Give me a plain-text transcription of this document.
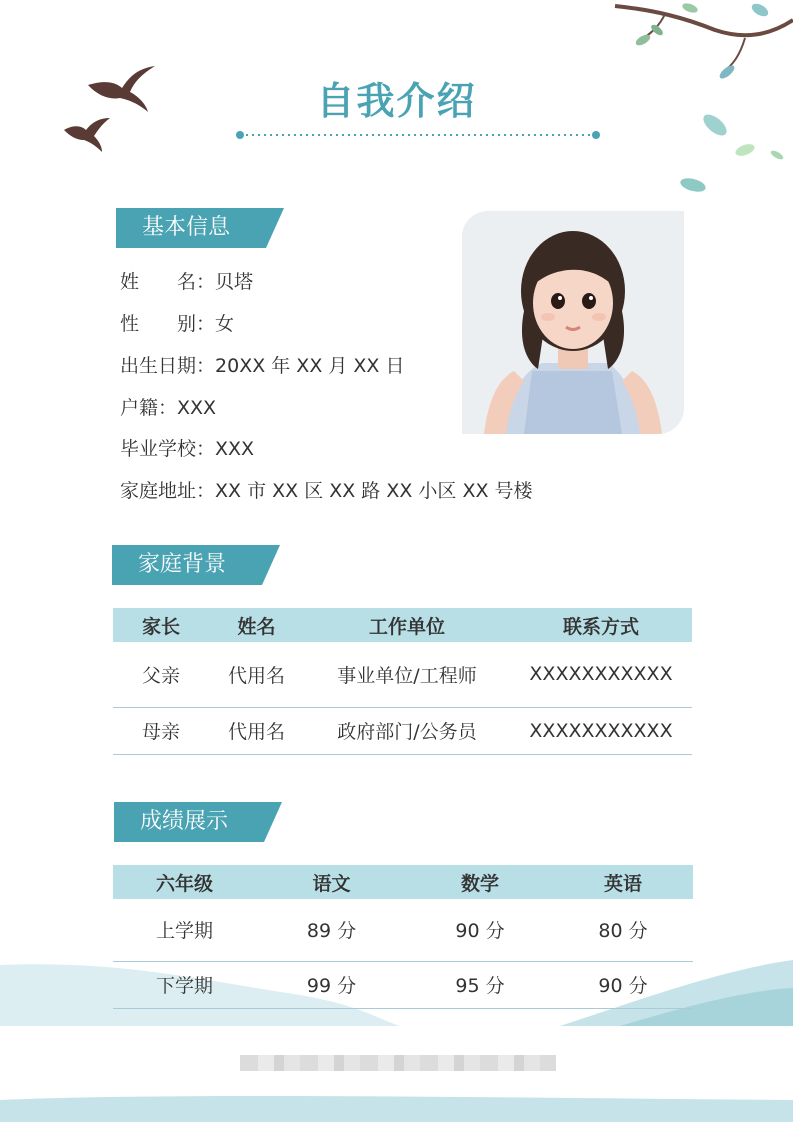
自我介绍
基本信息
姓　　名：贝塔
性　　别：女
出生日期：20XX 年 XX 月 XX 日
户籍：XXX
毕业学校：XXX
家庭地址：XX 市 XX 区 XX 路 XX 小区 XX 号楼
家庭背景
家长	姓名	工作单位	联系方式
父亲	代用名	事业单位/工程师	XXXXXXXXXXX
母亲	代用名	政府部门/公务员	XXXXXXXXXXX
成绩展示
六年级	语文	数学	英语
上学期	89 分	90 分	80 分
下学期	99 分	95 分	90 分
